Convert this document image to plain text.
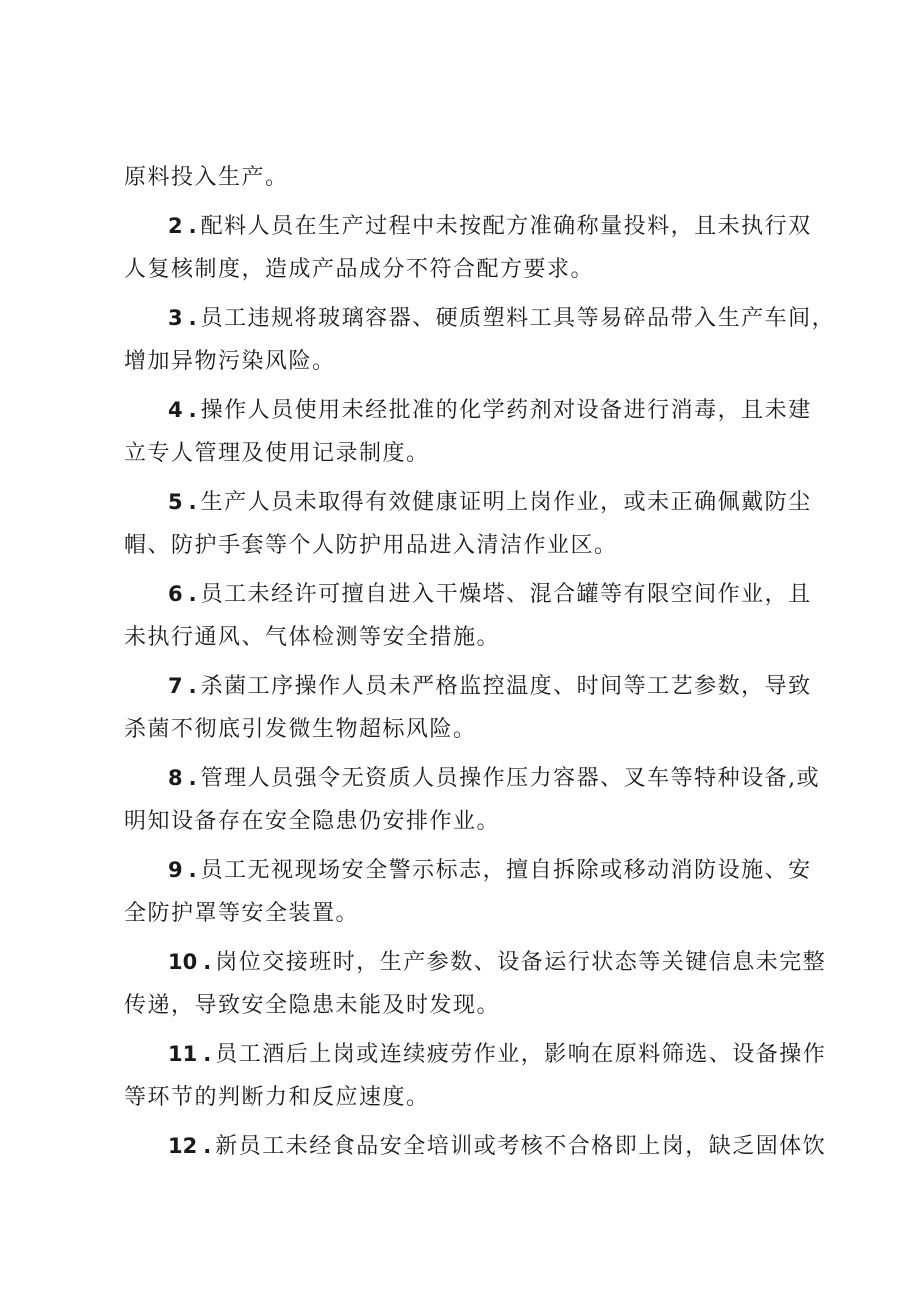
原料投入生产。
2 . 配料人员在生产过程中未按配方准确称量投料，且未执行双
人复核制度，造成产品成分不符合配方要求。
3 . 员工违规将玻璃容器、硬质塑料工具等易碎品带入生产车间，
增加异物污染风险。
4 . 操作人员使用未经批准的化学药剂对设备进行消毒，且未建
立专人管理及使用记录制度。
5 . 生产人员未取得有效健康证明上岗作业，或未正确佩戴防尘
帽、防护手套等个人防护用品进入清洁作业区。
6 . 员工未经许可擅自进入干燥塔、混合罐等有限空间作业，且
未执行通风、气体检测等安全措施。
7 . 杀菌工序操作人员未严格监控温度、时间等工艺参数，导致
杀菌不彻底引发微生物超标风险。
8 . 管理人员强令无资质人员操作压力容器、叉车等特种设备,或
明知设备存在安全隐患仍安排作业。
9 . 员工无视现场安全警示标志，擅自拆除或移动消防设施、安
全防护罩等安全装置。
10 . 岗位交接班时，生产参数、设备运行状态等关键信息未完整
传递，导致安全隐患未能及时发现。
11 . 员工酒后上岗或连续疲劳作业，影响在原料筛选、设备操作
等环节的判断力和反应速度。
12 . 新员工未经食品安全培训或考核不合格即上岗，缺乏固体饮
